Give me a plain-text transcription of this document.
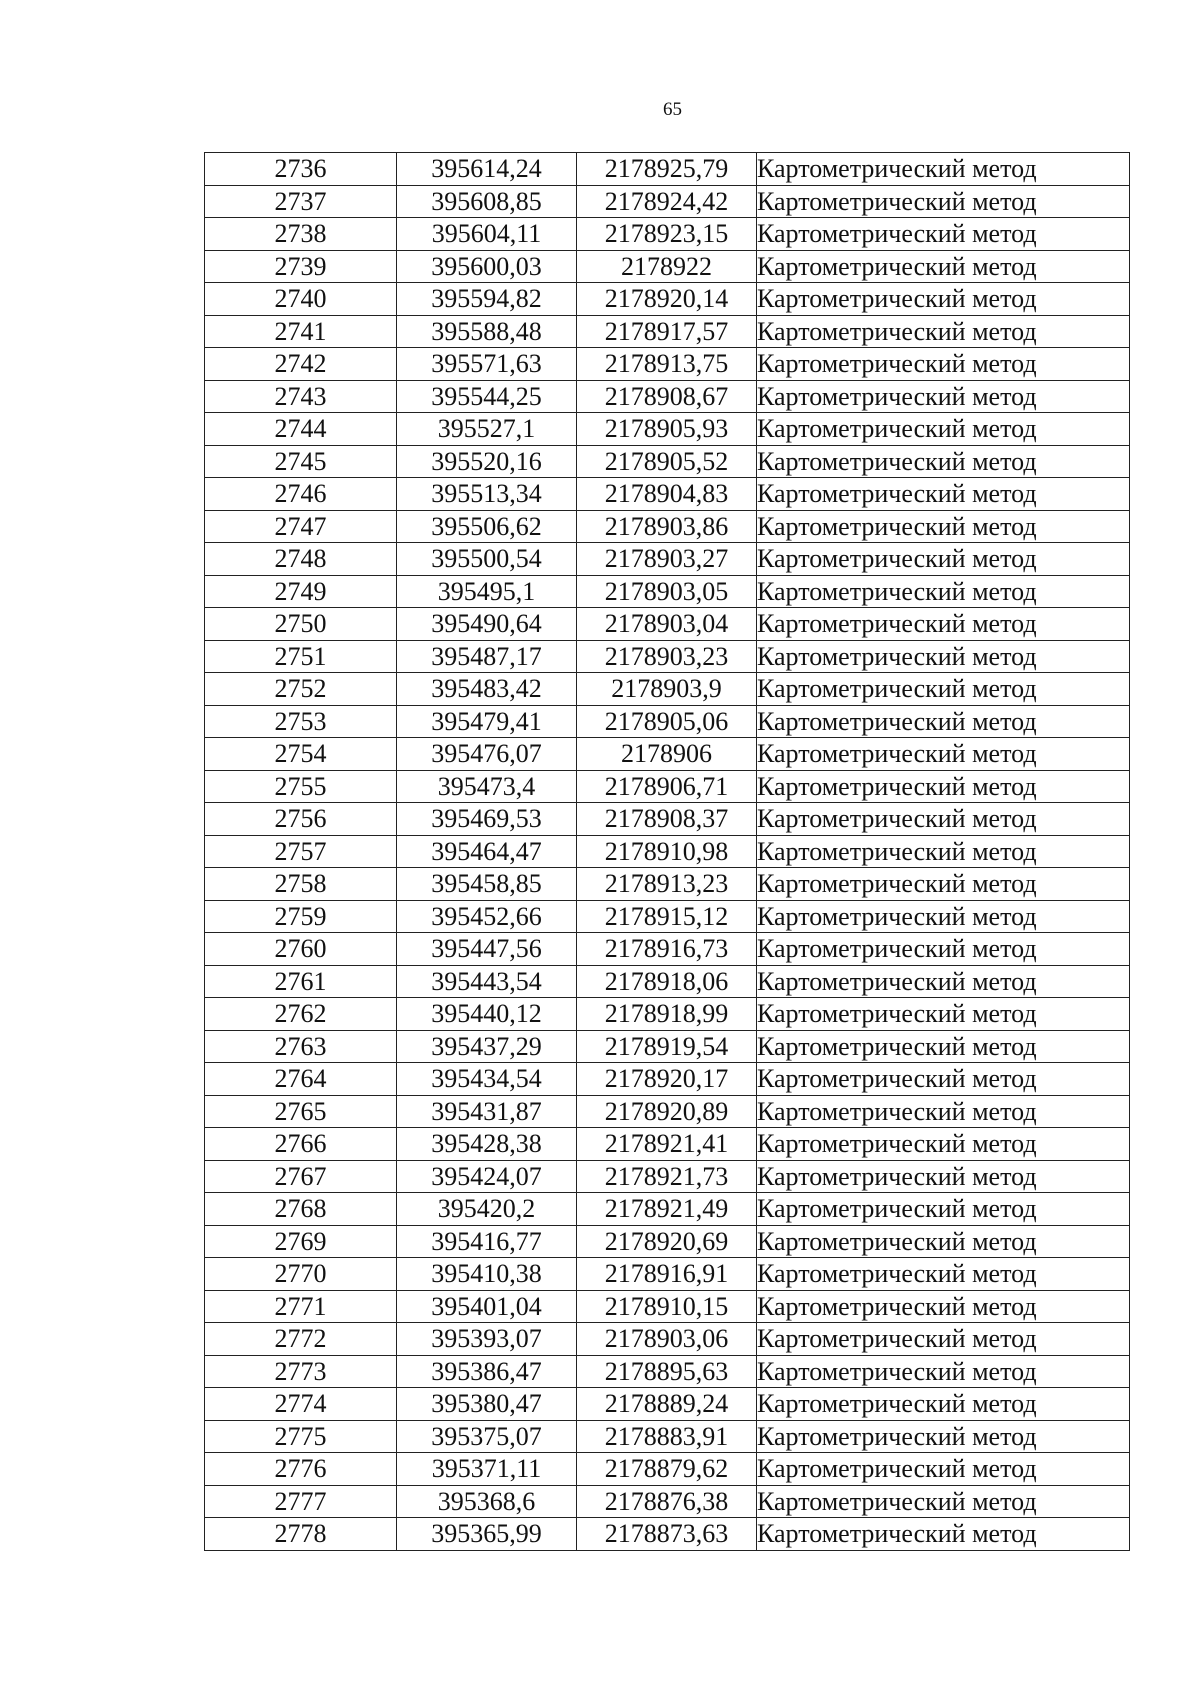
65
2736	395614,24	2178925,79	Картометрический метод
2737	395608,85	2178924,42	Картометрический метод
2738	395604,11	2178923,15	Картометрический метод
2739	395600,03	2178922	Картометрический метод
2740	395594,82	2178920,14	Картометрический метод
2741	395588,48	2178917,57	Картометрический метод
2742	395571,63	2178913,75	Картометрический метод
2743	395544,25	2178908,67	Картометрический метод
2744	395527,1	2178905,93	Картометрический метод
2745	395520,16	2178905,52	Картометрический метод
2746	395513,34	2178904,83	Картометрический метод
2747	395506,62	2178903,86	Картометрический метод
2748	395500,54	2178903,27	Картометрический метод
2749	395495,1	2178903,05	Картометрический метод
2750	395490,64	2178903,04	Картометрический метод
2751	395487,17	2178903,23	Картометрический метод
2752	395483,42	2178903,9	Картометрический метод
2753	395479,41	2178905,06	Картометрический метод
2754	395476,07	2178906	Картометрический метод
2755	395473,4	2178906,71	Картометрический метод
2756	395469,53	2178908,37	Картометрический метод
2757	395464,47	2178910,98	Картометрический метод
2758	395458,85	2178913,23	Картометрический метод
2759	395452,66	2178915,12	Картометрический метод
2760	395447,56	2178916,73	Картометрический метод
2761	395443,54	2178918,06	Картометрический метод
2762	395440,12	2178918,99	Картометрический метод
2763	395437,29	2178919,54	Картометрический метод
2764	395434,54	2178920,17	Картометрический метод
2765	395431,87	2178920,89	Картометрический метод
2766	395428,38	2178921,41	Картометрический метод
2767	395424,07	2178921,73	Картометрический метод
2768	395420,2	2178921,49	Картометрический метод
2769	395416,77	2178920,69	Картометрический метод
2770	395410,38	2178916,91	Картометрический метод
2771	395401,04	2178910,15	Картометрический метод
2772	395393,07	2178903,06	Картометрический метод
2773	395386,47	2178895,63	Картометрический метод
2774	395380,47	2178889,24	Картометрический метод
2775	395375,07	2178883,91	Картометрический метод
2776	395371,11	2178879,62	Картометрический метод
2777	395368,6	2178876,38	Картометрический метод
2778	395365,99	2178873,63	Картометрический метод
